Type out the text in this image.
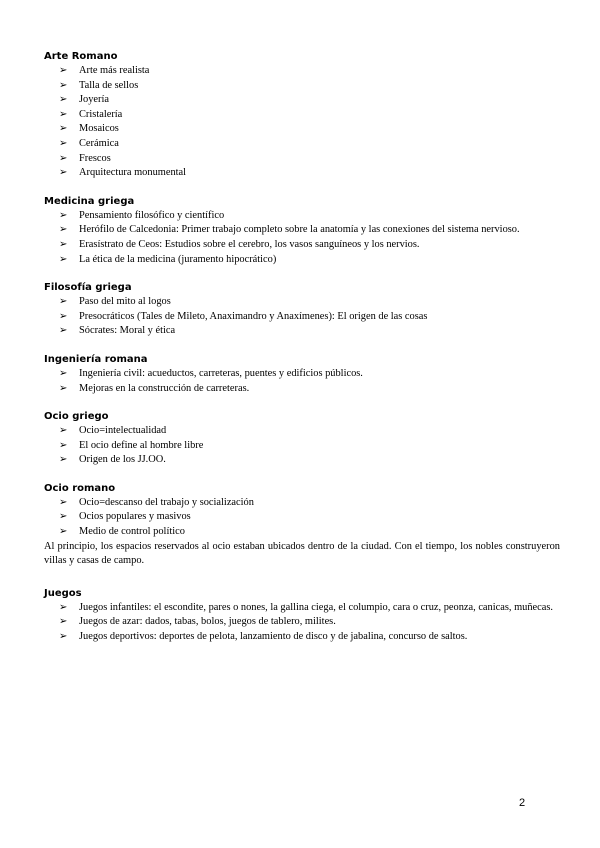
Arte Romano

➢ Arte más realista
➢ Talla de sellos
➢ Joyería
➢ Cristalería
➢ Mosaicos
➢ Cerámica
➢ Frescos
➢ Arquitectura monumental

Medicina griega

➢ Pensamiento filosófico y científico
➢ Herófilo de Calcedonia: Primer trabajo completo sobre la anatomía y las conexiones del sistema nervioso.
➢ Erasístrato de Ceos: Estudios sobre el cerebro, los vasos sanguíneos y los nervios.
➢ La ética de la medicina (juramento hipocrático)

Filosofía griega

➢ Paso del mito al logos
➢ Presocráticos (Tales de Mileto, Anaximandro y Anaxímenes): El origen de las cosas
➢ Sócrates: Moral y ética

Ingeniería romana

➢ Ingeniería civil: acueductos, carreteras, puentes y edificios públicos.
➢ Mejoras en la construcción de carreteras.

Ocio griego

➢ Ocio=intelectualidad
➢ El ocio define al hombre libre
➢ Origen de los JJ.OO.

Ocio romano

➢ Ocio=descanso del trabajo y socialización
➢ Ocios populares y masivos
➢ Medio de control político

Al principio, los espacios reservados al ocio estaban ubicados dentro de la ciudad. Con el tiempo, los nobles construyeron villas y casas de campo.

Juegos

➢ Juegos infantiles: el escondite, pares o nones, la gallina ciega, el columpio, cara o cruz, peonza, canicas, muñecas.
➢ Juegos de azar: dados, tabas, bolos, juegos de tablero, milites.
➢ Juegos deportivos: deportes de pelota, lanzamiento de disco y de jabalina, concurso de saltos.
2
